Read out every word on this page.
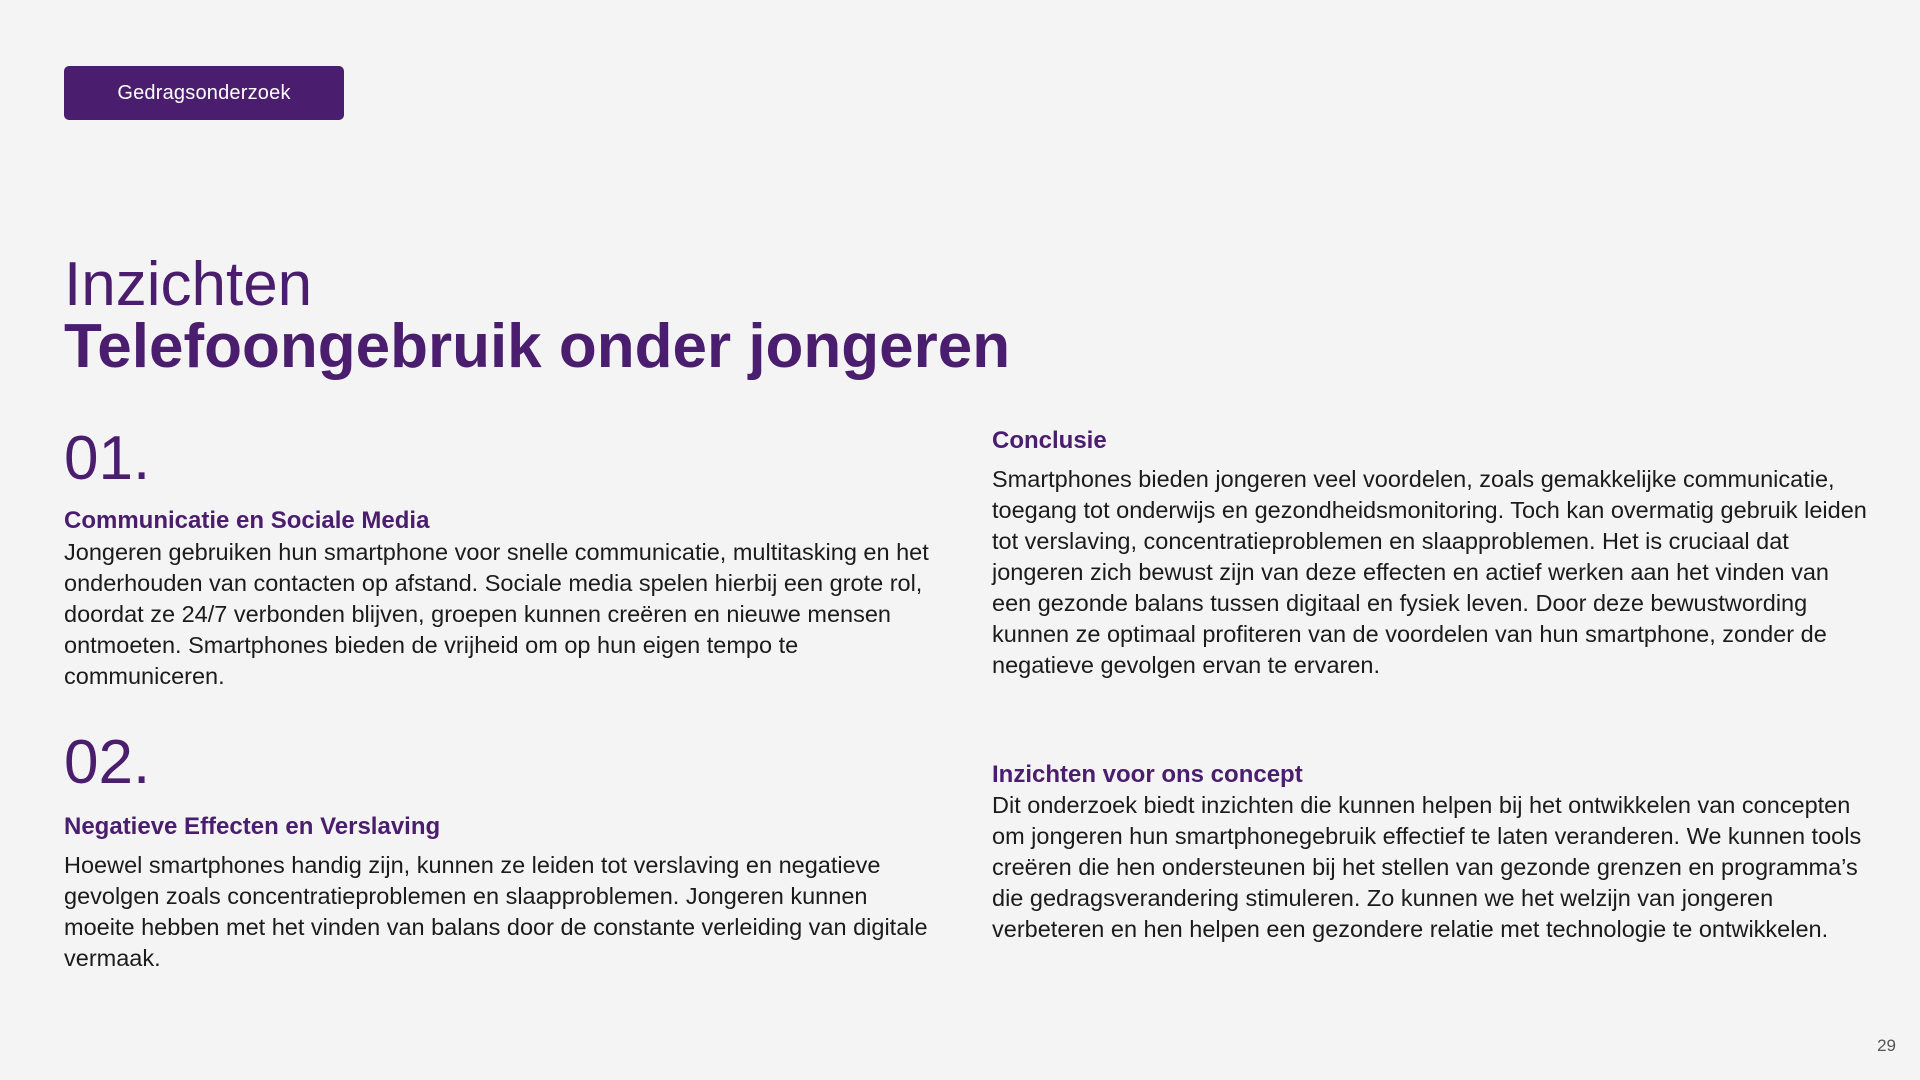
Gedragsonderzoek
Inzichten
Telefoongebruik onder jongeren
01.
Communicatie en Sociale Media

Jongeren gebruiken hun smartphone voor snelle communicatie, multitasking en het onderhouden van contacten op afstand. Sociale media spelen hierbij een grote rol, doordat ze 24/7 verbonden blijven, groepen kunnen creëren en nieuwe mensen ontmoeten. Smartphones bieden de vrijheid om op hun eigen tempo te communiceren.

02.
Negatieve Effecten en Verslaving

Hoewel smartphones handig zijn, kunnen ze leiden tot verslaving en negatieve gevolgen zoals concentratieproblemen en slaapproblemen. Jongeren kunnen moeite hebben met het vinden van balans door de constante verleiding van digitale vermaak.

Conclusie

Smartphones bieden jongeren veel voordelen, zoals gemakkelijke communicatie, toegang tot onderwijs en gezondheidsmonitoring. Toch kan overmatig gebruik leiden tot verslaving, concentratieproblemen en slaapproblemen. Het is cruciaal dat jongeren zich bewust zijn van deze effecten en actief werken aan het vinden van een gezonde balans tussen digitaal en fysiek leven. Door deze bewustwording kunnen ze optimaal profiteren van de voordelen van hun smartphone, zonder de negatieve gevolgen ervan te ervaren.

Inzichten voor ons concept

Dit onderzoek biedt inzichten die kunnen helpen bij het ontwikkelen van concepten om jongeren hun smartphonegebruik effectief te laten veranderen. We kunnen tools creëren die hen ondersteunen bij het stellen van gezonde grenzen en programma’s die gedragsverandering stimuleren. Zo kunnen we het welzijn van jongeren verbeteren en hen helpen een gezondere relatie met technologie te ontwikkelen.

29
